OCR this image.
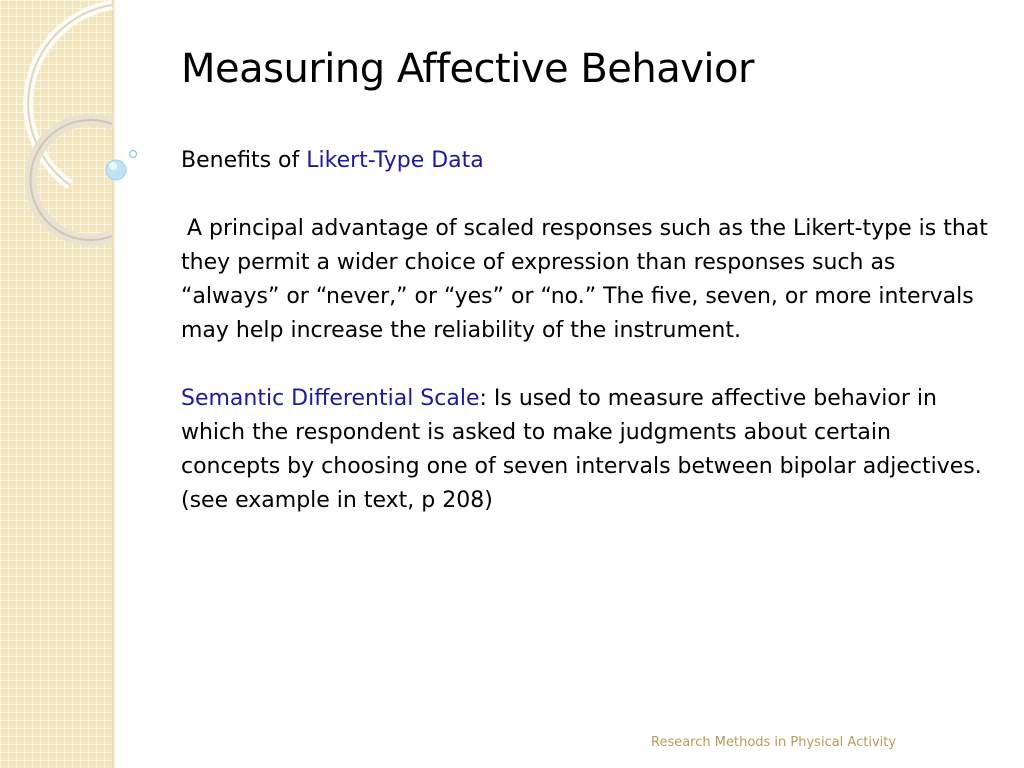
Measuring Affective Behavior

Benefits of Likert-Type Data

A principal advantage of scaled responses such as the Likert-type is that they permit a wider choice of expression than responses such as “always” or “never,” or “yes” or “no.” The five, seven, or more intervals may help increase the reliability of the instrument.

Semantic Differential Scale: Is used to measure affective behavior in which the respondent is asked to make judgments about certain concepts by choosing one of seven intervals between bipolar adjectives. (see example in text, p 208)

Research Methods in Physical Activity
